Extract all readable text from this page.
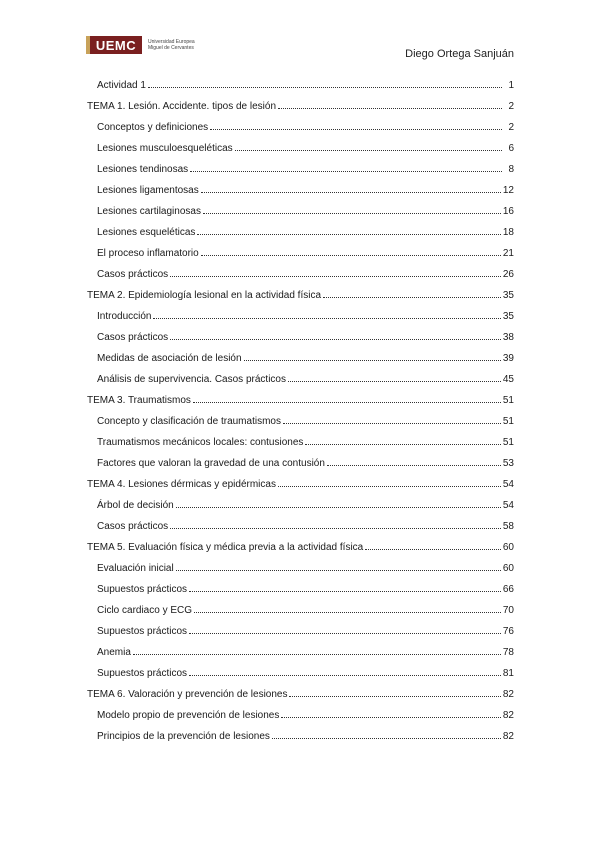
UEMC	Universidad Europea
Miguel de Cervantes	Diego Ortega Sanjuán
Actividad 1	1
TEMA 1. Lesión. Accidente. tipos de lesión	2
Conceptos y definiciones	2
Lesiones musculoesqueléticas	6
Lesiones tendinosas	8
Lesiones ligamentosas	12
Lesiones cartilaginosas	16
Lesiones esqueléticas	18
El proceso inflamatorio	21
Casos prácticos	26
TEMA 2. Epidemiología lesional en la actividad física	35
Introducción	35
Casos prácticos	38
Medidas de asociación de lesión	39
Análisis de supervivencia. Casos prácticos	45
TEMA 3. Traumatismos	51
Concepto y clasificación de traumatismos	51
Traumatismos mecánicos locales: contusiones	51
Factores que valoran la gravedad de una contusión	53
TEMA 4. Lesiones dérmicas y epidérmicas	54
Árbol de decisión	54
Casos prácticos	58
TEMA 5. Evaluación física y médica previa a la actividad física	60
Evaluación inicial	60
Supuestos prácticos	66
Ciclo cardiaco y ECG	70
Supuestos prácticos	76
Anemia	78
Supuestos prácticos	81
TEMA 6. Valoración y prevención de lesiones	82
Modelo propio de prevención de lesiones	82
Principios de la prevención de lesiones	82
